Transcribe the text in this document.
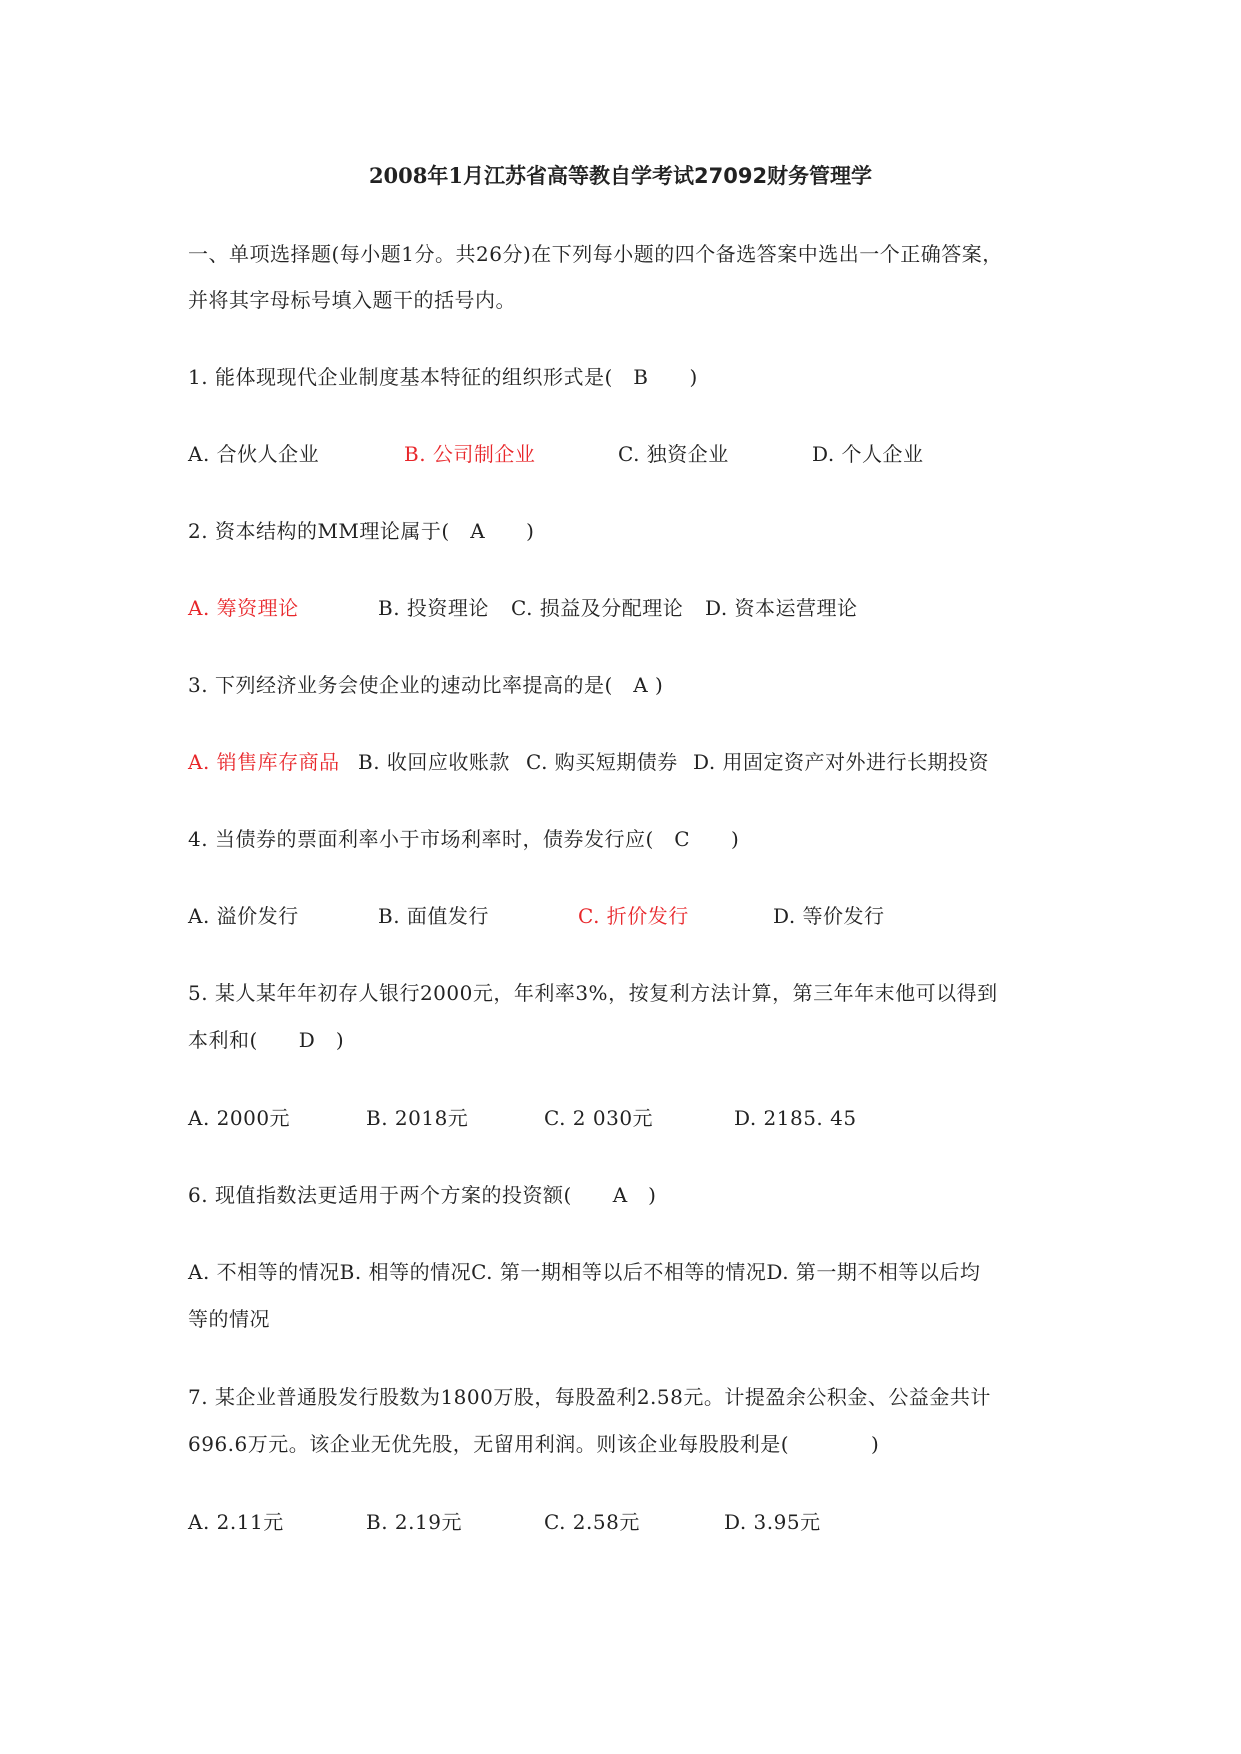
2008年1月江苏省高等教自学考试27092财务管理学

一、单项选择题(每小题1分。共26分)在下列每小题的四个备选答案中选出一个正确答案，

并将其字母标号填入题干的括号内。

1. 能体现现代企业制度基本特征的组织形式是(　B　　)

A. 合伙人企业	B. 公司制企业	C. 独资企业	D. 个人企业

2. 资本结构的MM理论属于(　A　　)

A. 筹资理论	B. 投资理论 C. 损益及分配理论 D. 资本运营理论

3. 下列经济业务会使企业的速动比率提高的是(　A )

A. 销售库存商品 B. 收回应收账款 C. 购买短期债券 D. 用固定资产对外进行长期投资

4. 当债券的票面利率小于市场利率时，债券发行应(　C　　)

A. 溢价发行	B. 面值发行	C. 折价发行	D. 等价发行

5. 某人某年年初存人银行2000元，年利率3%，按复利方法计算，第三年年末他可以得到

本利和(　　D　)

A. 2000元	B. 2018元	C. 2 030元	D. 2185. 45

6. 现值指数法更适用于两个方案的投资额(　　A　)

A. 不相等的情况B. 相等的情况C. 第一期相等以后不相等的情况D. 第一期不相等以后均

等的情况

7. 某企业普通股发行股数为1800万股，每股盈利2.58元。计提盈余公积金、公益金共计

696.6万元。该企业无优先股，无留用利润。则该企业每股股利是(　　　　)

A. 2.11元	B. 2.19元	C. 2.58元	D. 3.95元
